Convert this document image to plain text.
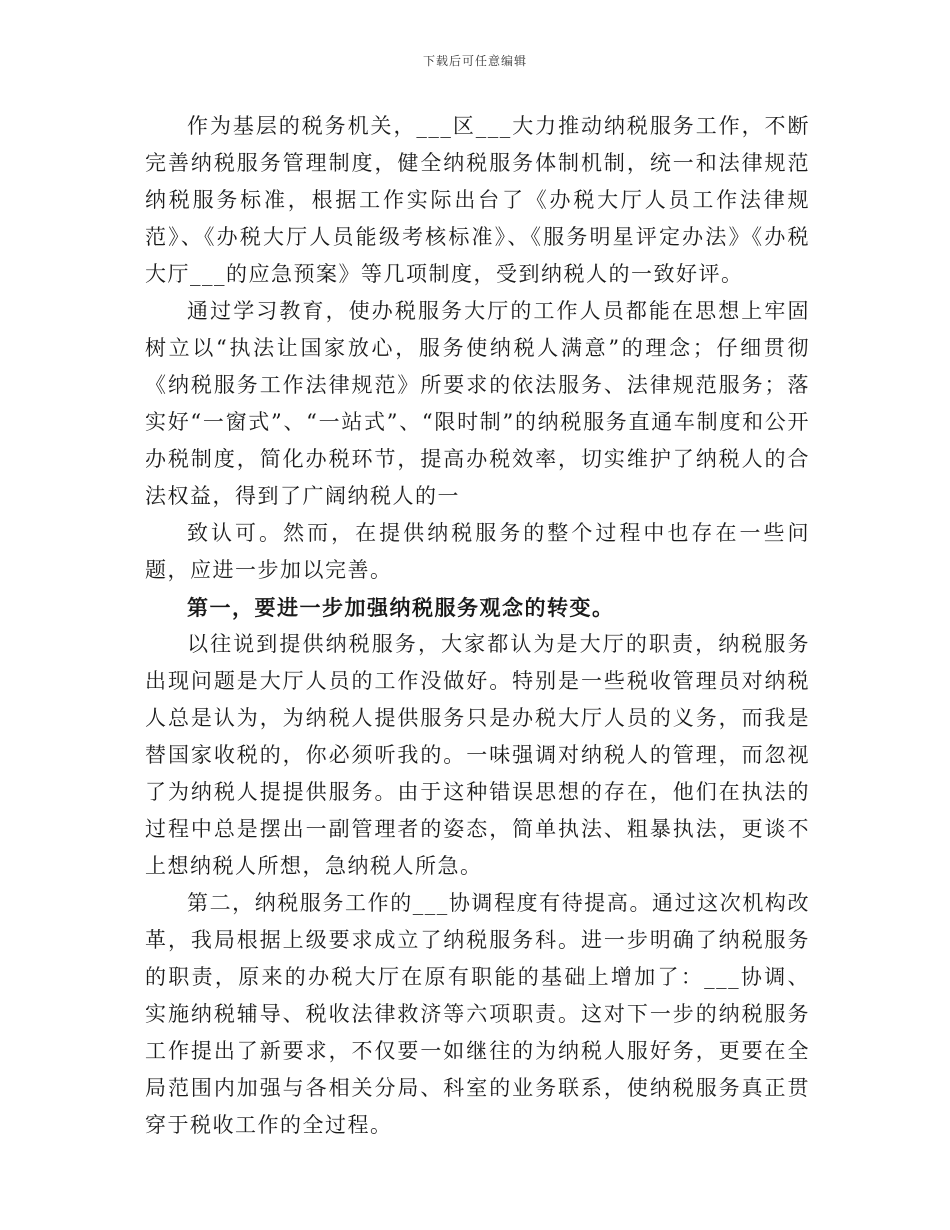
下载后可任意编辑

作为基层的税务机关，___区___大力推动纳税服务工作，不断完善纳税服务管理制度，健全纳税服务体制机制，统一和法律规范纳税服务标准，根据工作实际出台了《办税大厅人员工作法律规范》、《办税大厅人员能级考核标准》、《服务明星评定办法》《办税大厅___的应急预案》等几项制度，受到纳税人的一致好评。

通过学习教育，使办税服务大厅的工作人员都能在思想上牢固树立以“执法让国家放心，服务使纳税人满意”的理念；仔细贯彻《纳税服务工作法律规范》所要求的依法服务、法律规范服务；落实好“一窗式”、“一站式”、“限时制”的纳税服务直通车制度和公开办税制度，简化办税环节，提高办税效率，切实维护了纳税人的合法权益，得到了广阔纳税人的一

致认可。然而，在提供纳税服务的整个过程中也存在一些问题，应进一步加以完善。

第一，要进一步加强纳税服务观念的转变。

以往说到提供纳税服务，大家都认为是大厅的职责，纳税服务出现问题是大厅人员的工作没做好。特别是一些税收管理员对纳税人总是认为，为纳税人提供服务只是办税大厅人员的义务，而我是替国家收税的，你必须听我的。一味强调对纳税人的管理，而忽视了为纳税人提提供服务。由于这种错误思想的存在，他们在执法的过程中总是摆出一副管理者的姿态，简单执法、粗暴执法，更谈不上想纳税人所想，急纳税人所急。

第二，纳税服务工作的___协调程度有待提高。通过这次机构改革，我局根据上级要求成立了纳税服务科。进一步明确了纳税服务的职责，原来的办税大厅在原有职能的基础上增加了：___协调、实施纳税辅导、税收法律救济等六项职责。这对下一步的纳税服务工作提出了新要求，不仅要一如继往的为纳税人服好务，更要在全局范围内加强与各相关分局、科室的业务联系，使纳税服务真正贯穿于税收工作的全过程。
